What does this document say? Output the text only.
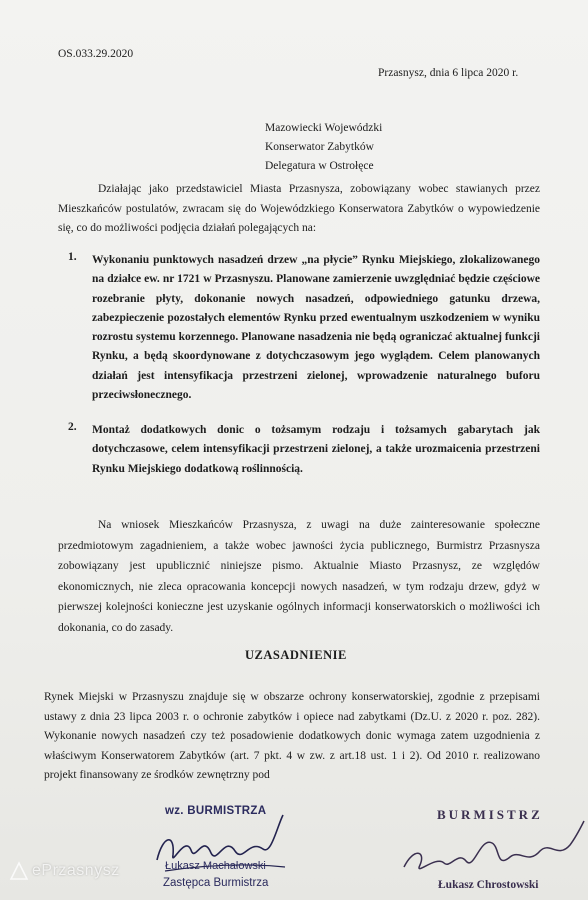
OS.033.29.2020
Przasnysz, dnia 6 lipca 2020 r.
Mazowiecki Wojewódzki
Konserwator Zabytków
Delegatura w Ostrołęce
Działając jako przedstawiciel Miasta Przasnysza, zobowiązany wobec stawianych przez Mieszkańców postulatów, zwracam się do Wojewódzkiego Konserwatora Zabytków o wypowiedzenie się, co do możliwości podjęcia działań polegających na:
1. Wykonaniu punktowych nasadzeń drzew „na płycie” Rynku Miejskiego, zlokalizowanego na działce ew. nr 1721 w Przasnyszu. Planowane zamierzenie uwzględniać będzie częściowe rozebranie płyty, dokonanie nowych nasadzeń, odpowiedniego gatunku drzewa, zabezpieczenie pozostałych elementów Rynku przed ewentualnym uszkodzeniem w wyniku rozrostu systemu korzennego. Planowane nasadzenia nie będą ograniczać aktualnej funkcji Rynku, a będą skoordynowane z dotychczasowym jego wyglądem. Celem planowanych działań jest intensyfikacja przestrzeni zielonej, wprowadzenie naturalnego buforu przeciwsłonecznego.
2. Montaż dodatkowych donic o tożsamym rodzaju i tożsamych gabarytach jak dotychczasowe, celem intensyfikacji przestrzeni zielonej, a także urozmaicenia przestrzeni Rynku Miejskiego dodatkową roślinnością.
Na wniosek Mieszkańców Przasnysza, z uwagi na duże zainteresowanie społeczne przedmiotowym zagadnieniem, a także wobec jawności życia publicznego, Burmistrz Przasnysza zobowiązany jest upublicznić niniejsze pismo. Aktualnie Miasto Przasnysz, ze względów ekonomicznych, nie zleca opracowania koncepcji nowych nasadzeń, w tym rodzaju drzew, gdyż w pierwszej kolejności konieczne jest uzyskanie ogólnych informacji konserwatorskich o możliwości ich dokonania, co do zasady.
UZASADNIENIE
Rynek Miejski w Przasnyszu znajduje się w obszarze ochrony konserwatorskiej, zgodnie z przepisami ustawy z dnia 23 lipca 2003 r. o ochronie zabytków i opiece nad zabytkami (Dz.U. z 2020 r. poz. 282). Wykonanie nowych nasadzeń czy też posadowienie dodatkowych donic wymaga zatem uzgodnienia z właściwym Konserwatorem Zabytków (art. 7 pkt. 4 w zw. z art.18 ust. 1 i 2). Od 2010 r. realizowano projekt finansowany ze środków zewnętrzny pod
wz. BURMISTRZA
Łukasz Machałowski
Zastępca Burmistrza
BURMISTRZ
Łukasz Chrostowski
ePrzasnysz
